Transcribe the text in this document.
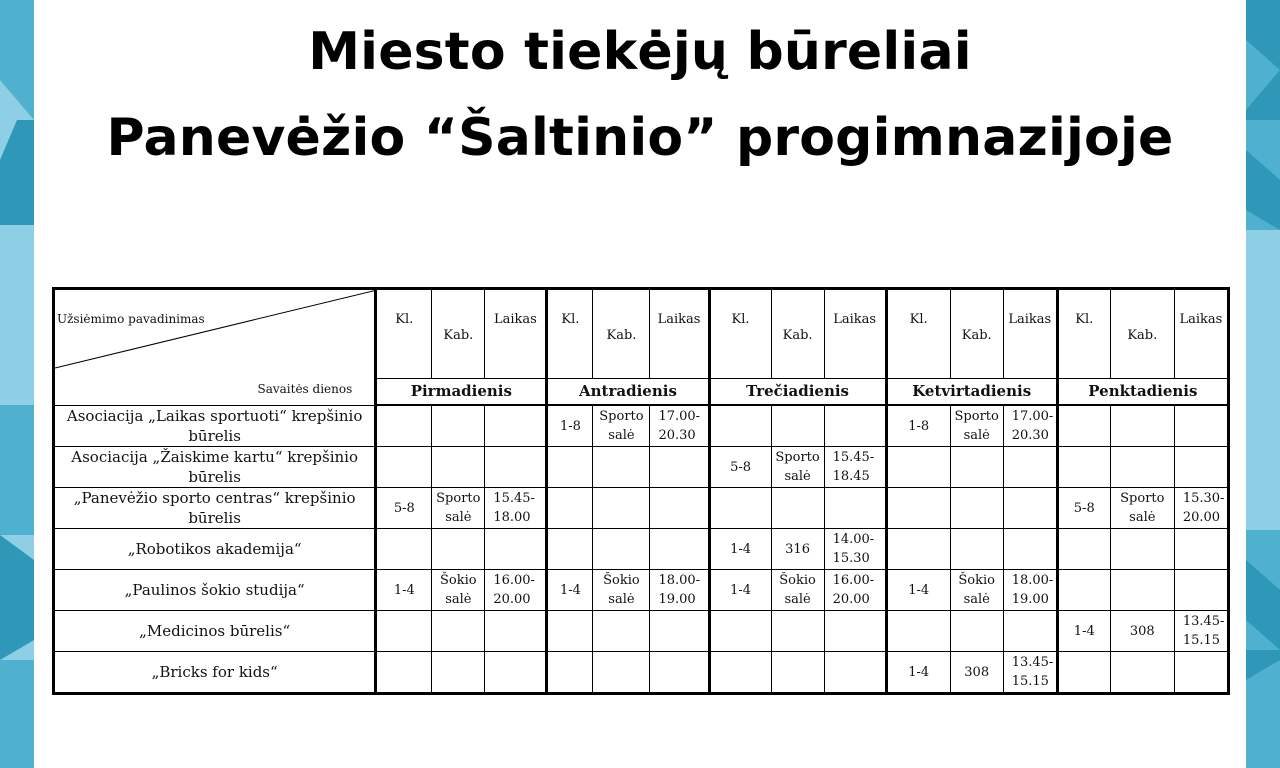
Miesto tiekėjų būreliai
Panevėžio “Šaltinio” progimnazijoje
Užsiėmimo pavadinimas
Savaitės dienos	Kl.	Kab.	Laikas	Kl.	Kab.	Laikas	Kl.	Kab.	Laikas	Kl.	Kab.	Laikas	Kl.	Kab.	Laikas
	Pirmadienis			Antradienis			Trečiadienis			Ketvirtadienis			Penktadienis		
Asociacija „Laikas sportuoti“ krepšinio būrelis				1-8	Sporto salė	17.00-20.30				1-8	Sporto salė	17.00-20.30			
Asociacija „Žaiskime kartu“ krepšinio būrelis							5-8	Sporto salė	15.45-18.45						
„Panevėžio sporto centras“ krepšinio būrelis	5-8	Sporto salė	15.45-18.00										5-8	Sporto salė	15.30-20.00
„Robotikos akademija“							1-4	316	14.00-15.30						
„Paulinos šokio studija“	1-4	Šokio salė	16.00-20.00	1-4	Šokio salė	18.00-19.00	1-4	Šokio salė	16.00-20.00	1-4	Šokio salė	18.00-19.00			
„Medicinos būrelis“													1-4	308	13.45-15.15
„Bricks for kids“										1-4	308	13.45-15.15			
